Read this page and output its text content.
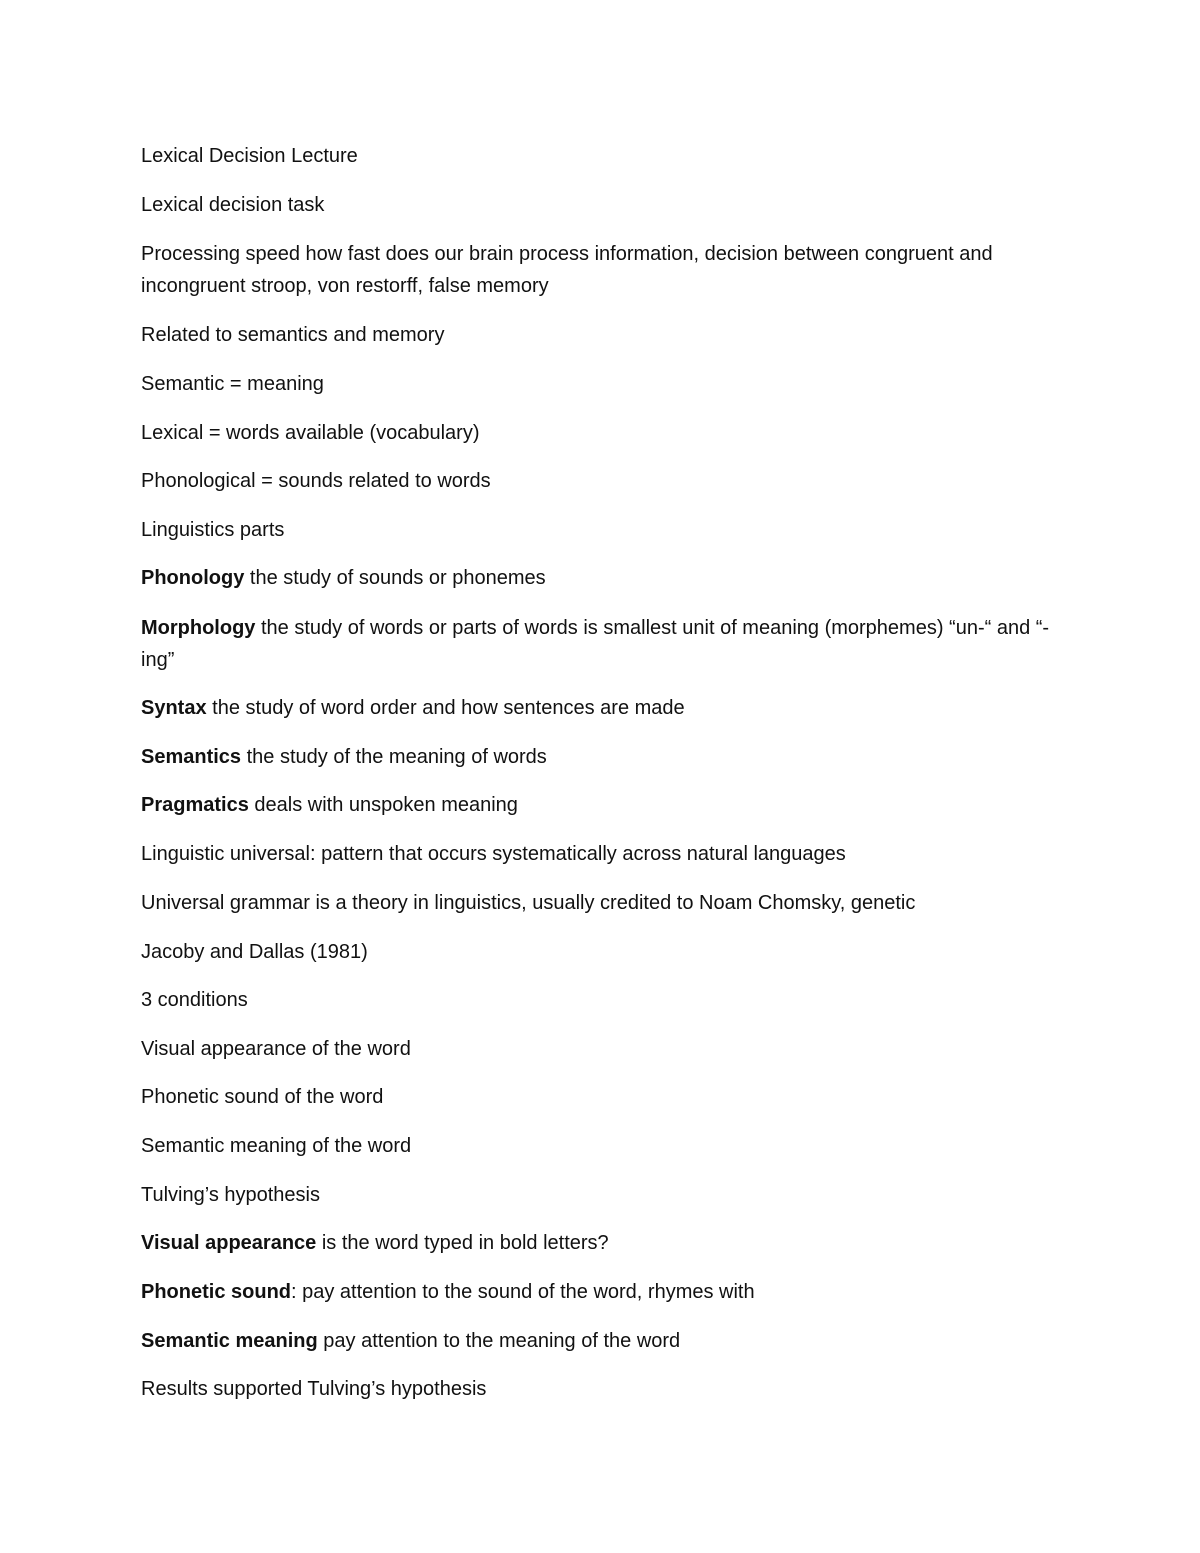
Lexical Decision Lecture

Lexical decision task

Processing speed how fast does our brain process information, decision between congruent and incongruent stroop, von restorff, false memory

Related to semantics and memory

Semantic = meaning

Lexical = words available (vocabulary)

Phonological = sounds related to words

Linguistics parts

Phonology the study of sounds or phonemes

Morphology the study of words or parts of words is smallest unit of meaning (morphemes) “un-“ and “-ing”

Syntax the study of word order and how sentences are made

Semantics the study of the meaning of words

Pragmatics deals with unspoken meaning

Linguistic universal: pattern that occurs systematically across natural languages

Universal grammar is a theory in linguistics, usually credited to Noam Chomsky, genetic

Jacoby and Dallas (1981)

3 conditions

Visual appearance of the word

Phonetic sound of the word

Semantic meaning of the word

Tulving’s hypothesis

Visual appearance is the word typed in bold letters?

Phonetic sound: pay attention to the sound of the word, rhymes with

Semantic meaning pay attention to the meaning of the word

Results supported Tulving’s hypothesis
